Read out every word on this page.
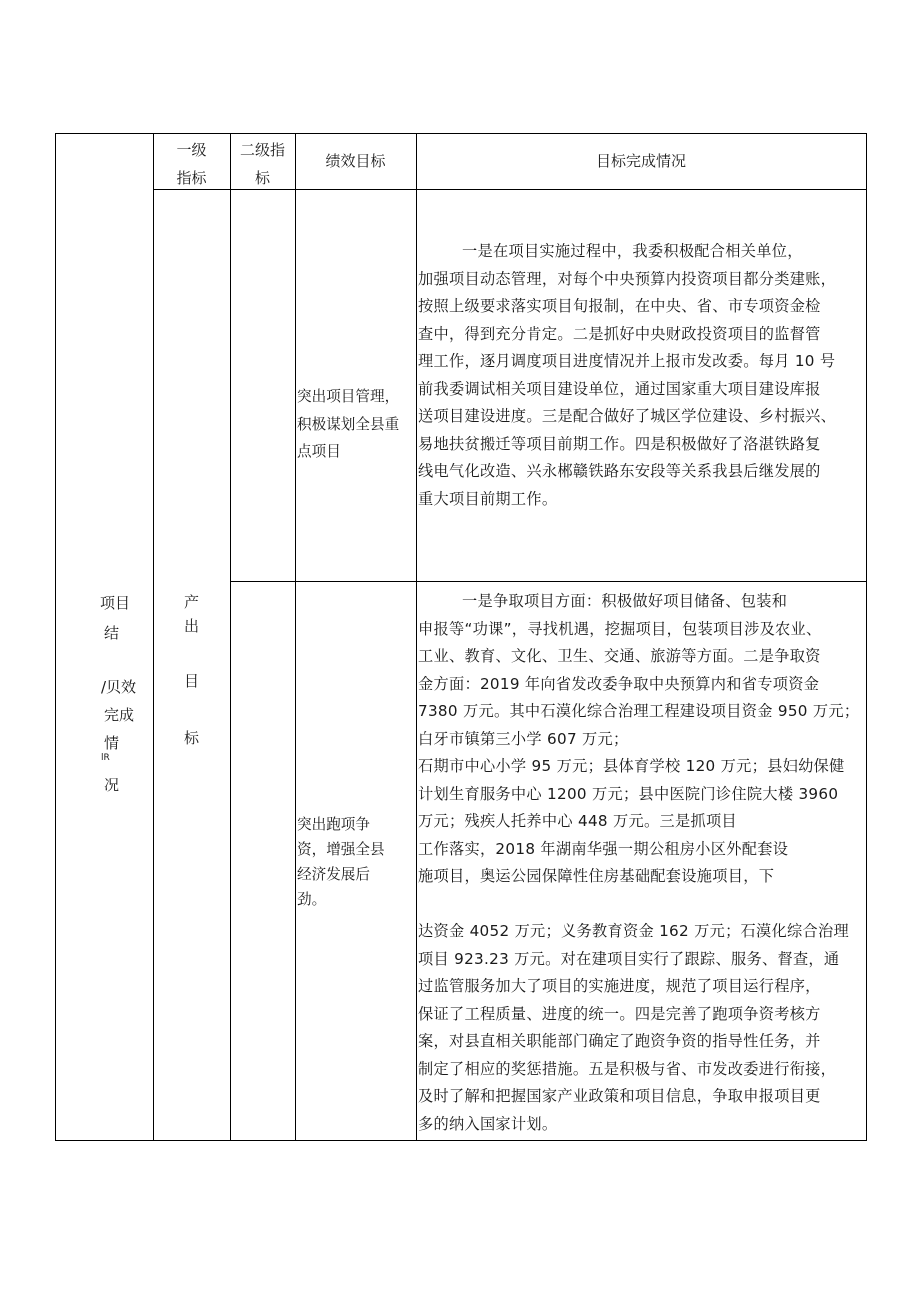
一级
指标
二级指
标
绩效目标	目标完成情况
项目
结
/贝效
完成
情
lR
况
产
出
目
标
突出项目管理，
积极谋划全县重
点项目
一是在项目实施过程中，我委积极配合相关单位，
加强项目动态管理，对每个中央预算内投资项目都分类建账，
按照上级要求落实项目旬报制，在中央、省、市专项资金检
查中，得到充分肯定。二是抓好中央财政投资项目的监督管
理工作，逐月调度项目进度情况并上报市发改委。每月 10 号
前我委调试相关项目建设单位，通过国家重大项目建设库报
送项目建设进度。三是配合做好了城区学位建设、乡村振兴、
易地扶贫搬迁等项目前期工作。四是积极做好了洛湛铁路复
线电气化改造、兴永郴赣铁路东安段等关系我县后继发展的
重大项目前期工作。
突出跑项争
资，增强全县
经济发展后
劲。
一是争取项目方面：积极做好项目储备、包装和
申报等“功课”，寻找机遇，挖掘项目，包装项目涉及农业、
工业、教育、文化、卫生、交通、旅游等方面。二是争取资
金方面：2019 年向省发改委争取中央预算内和省专项资金
7380 万元。其中石漠化综合治理工程建设项目资金 950 万元；
白牙市镇第三小学 607 万元；
石期市中心小学 95 万元；县体育学校 120 万元；县妇幼保健
计划生育服务中心 1200 万元；县中医院门诊住院大楼 3960
万元；残疾人托养中心 448 万元。三是抓项目
工作落实，2018 年湖南华强一期公租房小区外配套设
施项目，奥运公园保障性住房基础配套设施项目，下
达资金 4052 万元；义务教育资金 162 万元；石漠化综合治理
项目 923.23 万元。对在建项目实行了跟踪、服务、督查，通
过监管服务加大了项目的实施进度，规范了项目运行程序，
保证了工程质量、进度的统一。四是完善了跑项争资考核方
案，对县直相关职能部门确定了跑资争资的指导性任务，并
制定了相应的奖惩措施。五是积极与省、市发改委进行衔接，
及时了解和把握国家产业政策和项目信息，争取申报项目更
多的纳入国家计划。
